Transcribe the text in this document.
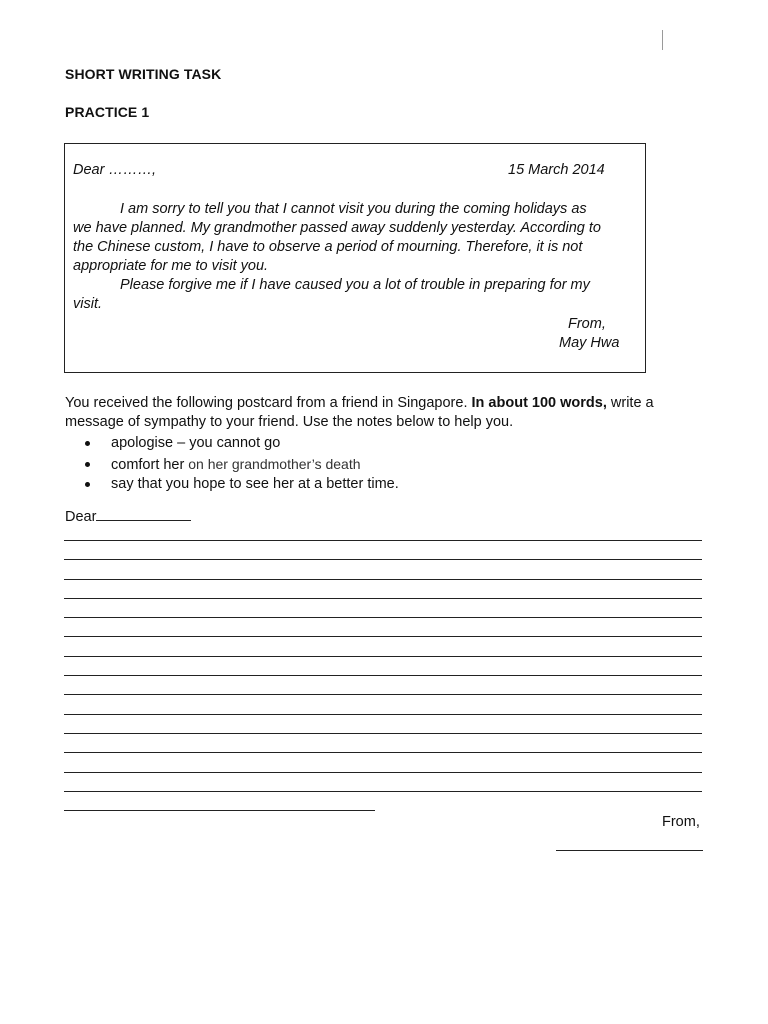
SHORT WRITING TASK
PRACTICE 1
Dear ………,	15 March 2014
I am sorry to tell you that I cannot visit you during the coming holidays as
we have planned. My grandmother passed away suddenly yesterday. According to
the Chinese custom, I have to observe a period of mourning. Therefore, it is not
appropriate for me to visit you.
Please forgive me if I have caused you a lot of trouble in preparing for my
visit.
From,
May Hwa
You received the following postcard from a friend in Singapore. In about 100 words, write a
message of sympathy to your friend. Use the notes below to help you.
apologise – you cannot go
comfort her on her grandmother’s death
say that you hope to see her at a better time.
Dear
From,
